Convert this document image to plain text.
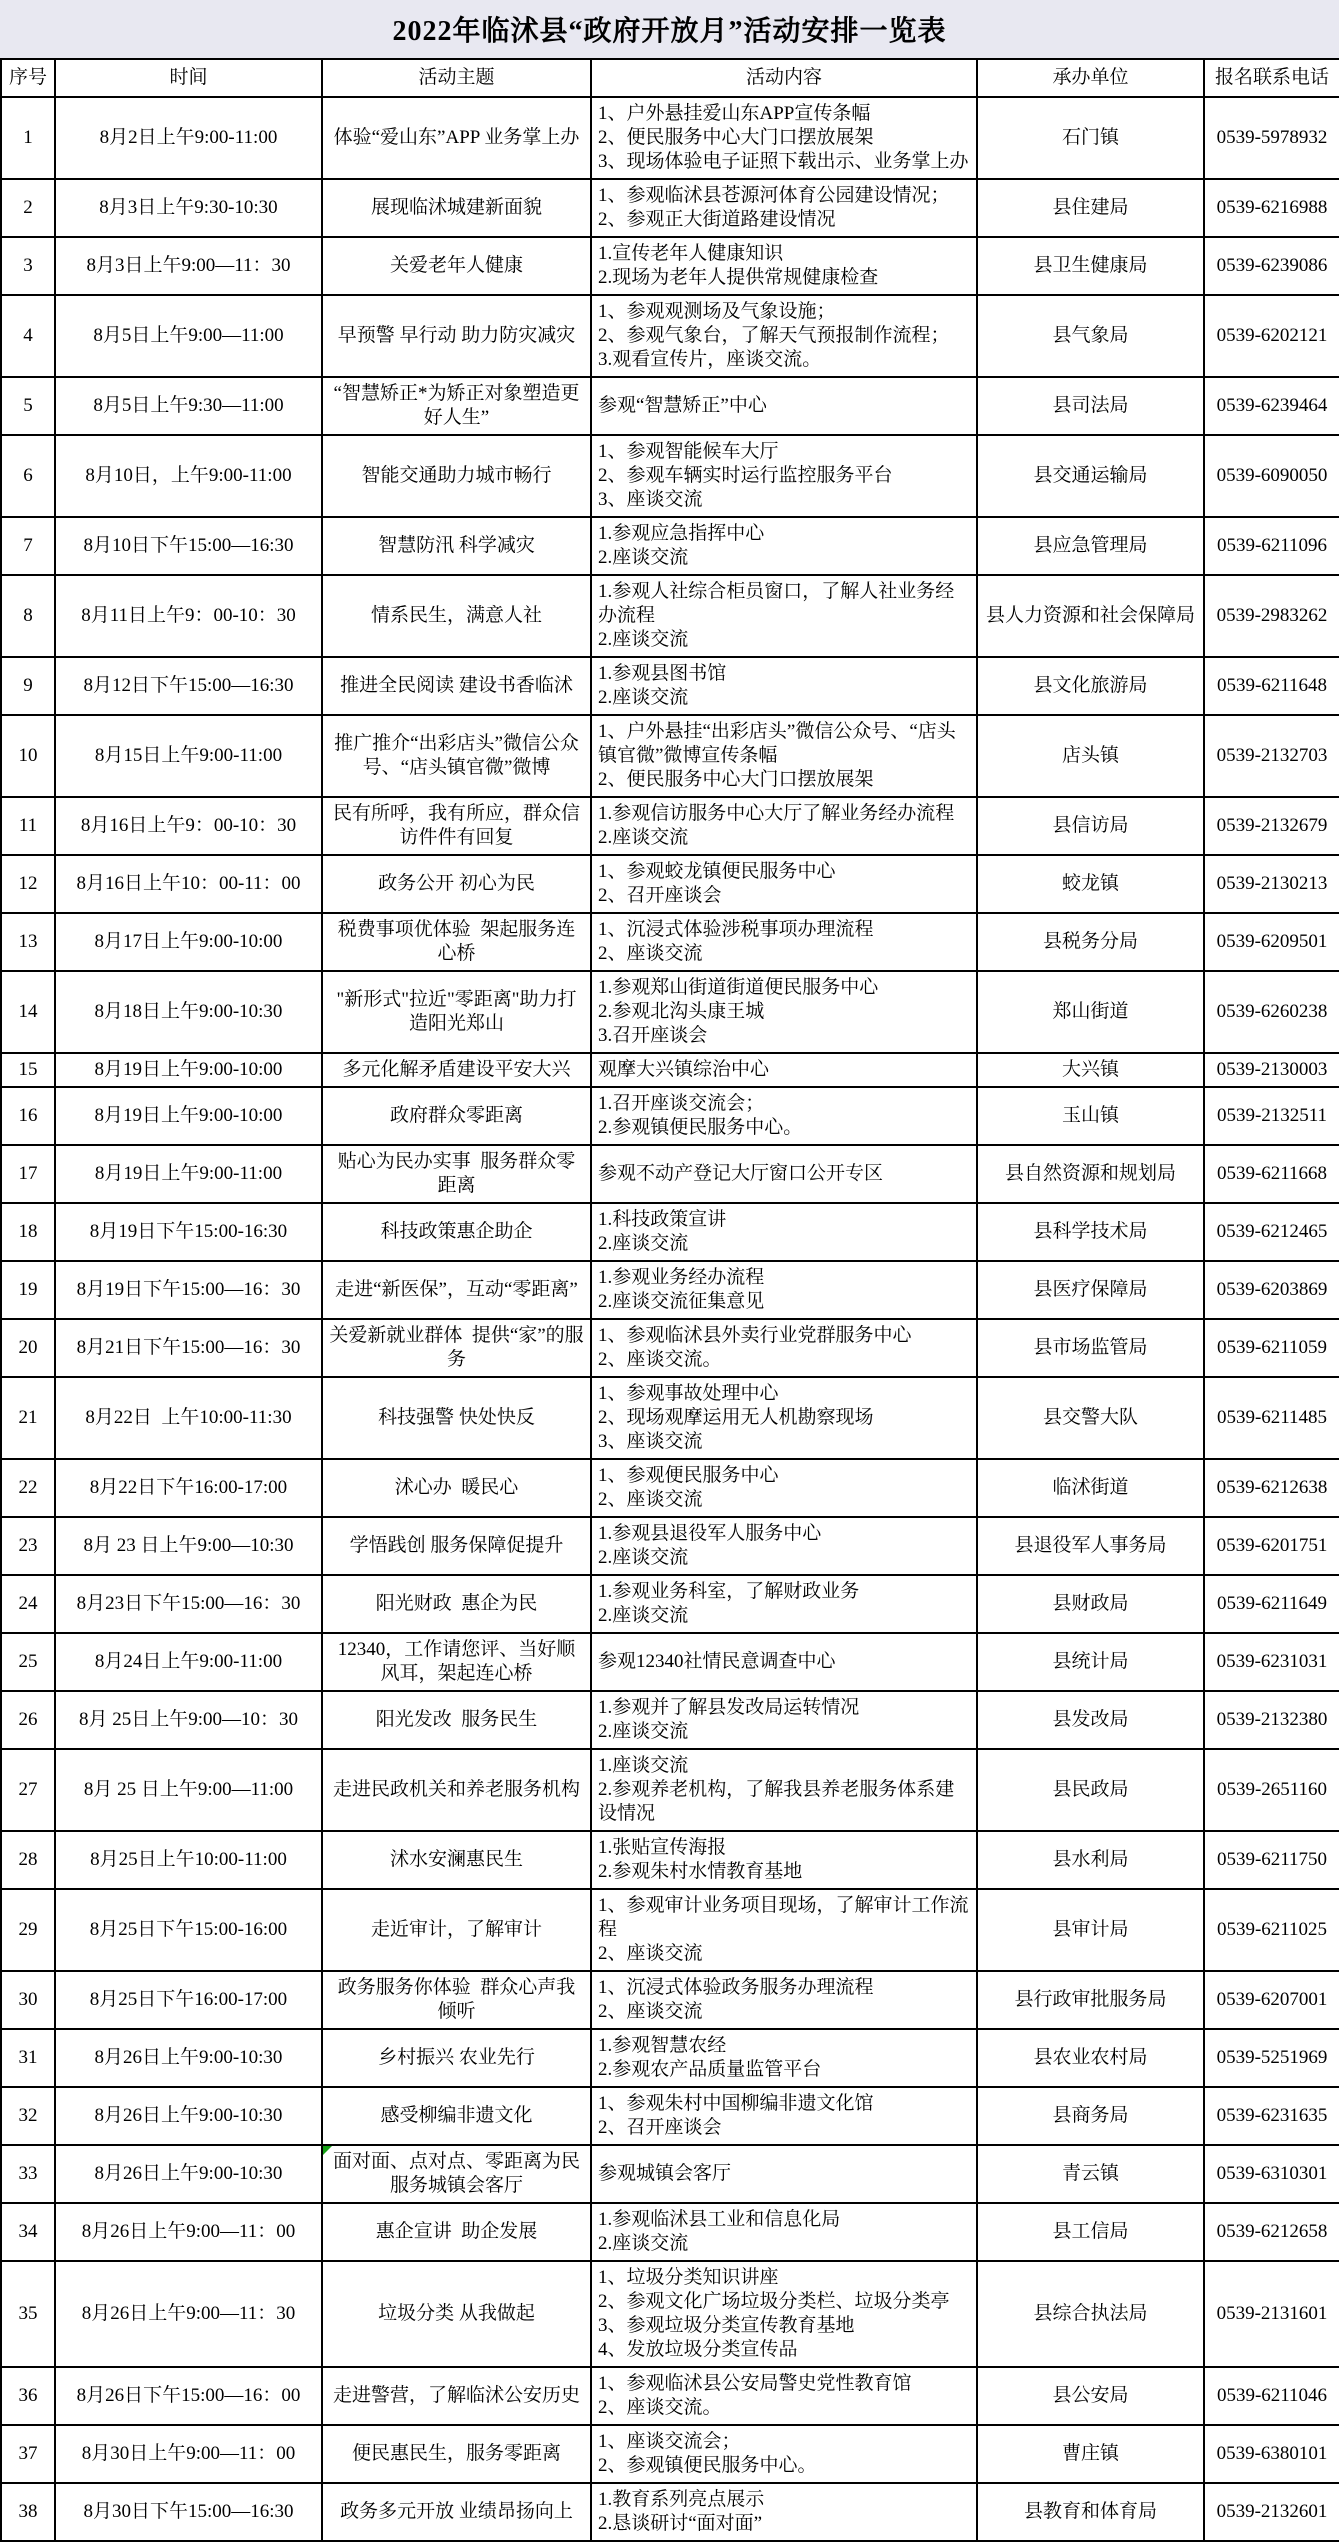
2022年临沭县“政府开放月”活动安排一览表
序号	时间	活动主题	活动内容	承办单位	报名联系电话
1	8月2日上午9:00-11:00	体验“爱山东”APP 业务掌上办	1、户外悬挂爱山东APP宣传条幅
2、便民服务中心大门口摆放展架
3、现场体验电子证照下载出示、业务掌上办	石门镇	0539-5978932
2	8月3日上午9:30-10:30	展现临沭城建新面貌	1、参观临沭县苍源河体育公园建设情况；
2、参观正大街道路建设情况	县住建局	0539-6216988
3	8月3日上午9:00—11：30	关爱老年人健康	1.宣传老年人健康知识
2.现场为老年人提供常规健康检查	县卫生健康局	0539-6239086
4	8月5日上午9:00—11:00	早预警 早行动 助力防灾减灾	1、参观观测场及气象设施；
2、参观气象台，了解天气预报制作流程；
3.观看宣传片，座谈交流。	县气象局	0539-6202121
5	8月5日上午9:30—11:00	“智慧矫正*为矫正对象塑造更好人生”	参观“智慧矫正”中心	县司法局	0539-6239464
6	8月10日，上午9:00-11:00	智能交通助力城市畅行	1、参观智能候车大厅
2、参观车辆实时运行监控服务平台
3、座谈交流	县交通运输局	0539-6090050
7	8月10日下午15:00—16:30	智慧防汛 科学减灾	1.参观应急指挥中心
2.座谈交流	县应急管理局	0539-6211096
8	8月11日上午9：00-10：30	情系民生，满意人社	1.参观人社综合柜员窗口，了解人社业务经办流程
2.座谈交流	县人力资源和社会保障局	0539-2983262
9	8月12日下午15:00—16:30	推进全民阅读 建设书香临沭	1.参观县图书馆
2.座谈交流	县文化旅游局	0539-6211648
10	8月15日上午9:00-11:00	推广推介“出彩店头”微信公众号、“店头镇官微”微博	1、户外悬挂“出彩店头”微信公众号、“店头镇官微”微博宣传条幅
2、便民服务中心大门口摆放展架	店头镇	0539-2132703
11	8月16日上午9：00-10：30	民有所呼，我有所应，群众信访件件有回复	1.参观信访服务中心大厅了解业务经办流程
2.座谈交流	县信访局	0539-2132679
12	8月16日上午10：00-11：00	政务公开 初心为民	1、参观蛟龙镇便民服务中心
2、召开座谈会	蛟龙镇	0539-2130213
13	8月17日上午9:00-10:00	税费事项优体验  架起服务连心桥	1、沉浸式体验涉税事项办理流程
2、座谈交流	县税务分局	0539-6209501
14	8月18日上午9:00-10:30	"新形式"拉近"零距离"助力打造阳光郑山	1.参观郑山街道街道便民服务中心
2.参观北沟头康王城
3.召开座谈会	郑山街道	0539-6260238
15	8月19日上午9:00-10:00	多元化解矛盾建设平安大兴	观摩大兴镇综治中心	大兴镇	0539-2130003
16	8月19日上午9:00-10:00	政府群众零距离	1.召开座谈交流会；
2.参观镇便民服务中心。	玉山镇	0539-2132511
17	8月19日上午9:00-11:00	贴心为民办实事  服务群众零距离	参观不动产登记大厅窗口公开专区	县自然资源和规划局	0539-6211668
18	8月19日下午15:00-16:30	科技政策惠企助企	1.科技政策宣讲
2.座谈交流	县科学技术局	0539-6212465
19	8月19日下午15:00—16：30	走进“新医保”，互动“零距离”	1.参观业务经办流程
2.座谈交流征集意见	县医疗保障局	0539-6203869
20	8月21日下午15:00—16：30	关爱新就业群体  提供“家”的服务	1、参观临沭县外卖行业党群服务中心
2、座谈交流。	县市场监管局	0539-6211059
21	8月22日  上午10:00-11:30	科技强警 快处快反	1、参观事故处理中心
2、现场观摩运用无人机勘察现场
3、座谈交流	县交警大队	0539-6211485
22	8月22日下午16:00-17:00	沭心办  暖民心	1、参观便民服务中心
2、座谈交流	临沭街道	0539-6212638
23	8月 23 日上午9:00—10:30	学悟践创 服务保障促提升	1.参观县退役军人服务中心
2.座谈交流	县退役军人事务局	0539-6201751
24	8月23日下午15:00—16：30	阳光财政  惠企为民	1.参观业务科室，了解财政业务
2.座谈交流	县财政局	0539-6211649
25	8月24日上午9:00-11:00	12340，工作请您评、当好顺风耳，架起连心桥	参观12340社情民意调查中心	县统计局	0539-6231031
26	8月 25日上午9:00—10：30	阳光发改  服务民生	1.参观并了解县发改局运转情况
2.座谈交流	县发改局	0539-2132380
27	8月 25 日上午9:00—11:00	走进民政机关和养老服务机构	1.座谈交流
2.参观养老机构，了解我县养老服务体系建设情况	县民政局	0539-2651160
28	8月25日上午10:00-11:00	沭水安澜惠民生	1.张贴宣传海报
2.参观朱村水情教育基地	县水利局	0539-6211750
29	8月25日下午15:00-16:00	走近审计，了解审计	1、参观审计业务项目现场，了解审计工作流程
2、座谈交流	县审计局	0539-6211025
30	8月25日下午16:00-17:00	政务服务你体验  群众心声我倾听	1、沉浸式体验政务服务办理流程
2、座谈交流	县行政审批服务局	0539-6207001
31	8月26日上午9:00-10:30	乡村振兴 农业先行	1.参观智慧农经
2.参观农产品质量监管平台	县农业农村局	0539-5251969
32	8月26日上午9:00-10:30	感受柳编非遗文化	1、参观朱村中国柳编非遗文化馆
2、召开座谈会	县商务局	0539-6231635
33	8月26日上午9:00-10:30	面对面、点对点、零距离为民服务城镇会客厅	参观城镇会客厅	青云镇	0539-6310301
34	8月26日上午9:00—11：00	惠企宣讲  助企发展	1.参观临沭县工业和信息化局
2.座谈交流	县工信局	0539-6212658
35	8月26日上午9:00—11：30	垃圾分类 从我做起	1、垃圾分类知识讲座
2、参观文化广场垃圾分类栏、垃圾分类亭
3、参观垃圾分类宣传教育基地
4、发放垃圾分类宣传品	县综合执法局	0539-2131601
36	8月26日下午15:00—16：00	走进警营，了解临沭公安历史	1、参观临沭县公安局警史党性教育馆
2、座谈交流。	县公安局	0539-6211046
37	8月30日上午9:00—11：00	便民惠民生，服务零距离	1、座谈交流会；
2、参观镇便民服务中心。	曹庄镇	0539-6380101
38	8月30日下午15:00—16:30	政务多元开放 业绩昂扬向上	1.教育系列亮点展示
2.恳谈研讨“面对面”	县教育和体育局	0539-2132601
